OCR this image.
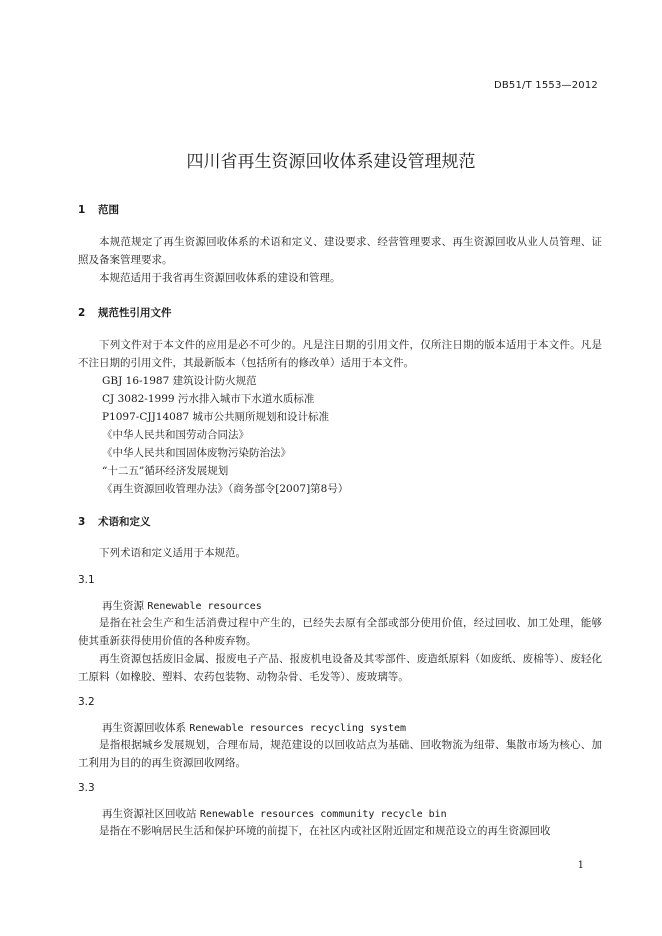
DB51/T 1553—2012
四川省再生资源回收体系建设管理规范
1 范围

本规范规定了再生资源回收体系的术语和定义、建设要求、经营管理要求、再生资源回收从业人员管理、证照及备案管理要求。

本规范适用于我省再生资源回收体系的建设和管理。

2 规范性引用文件

下列文件对于本文件的应用是必不可少的。凡是注日期的引用文件，仅所注日期的版本适用于本文件。凡是不注日期的引用文件，其最新版本（包括所有的修改单）适用于本文件。

GBJ 16-1987 建筑设计防火规范
CJ 3082-1999 污水排入城市下水道水质标准
P1097-CJJ14087 城市公共厕所规划和设计标准
《中华人民共和国劳动合同法》
《中华人民共和国固体废物污染防治法》
“十二五”循环经济发展规划
《再生资源回收管理办法》（商务部令[2007]第8号）
3 术语和定义

下列术语和定义适用于本规范。

3.1
再生资源 Renewable resources

是指在社会生产和生活消费过程中产生的，已经失去原有全部或部分使用价值，经过回收、加工处理，能够使其重新获得使用价值的各种废弃物。

再生资源包括废旧金属、报废电子产品、报废机电设备及其零部件、废造纸原料（如废纸、废棉等）、废轻化工原料（如橡胶、塑料、农药包装物、动物杂骨、毛发等）、废玻璃等。

3.2
再生资源回收体系 Renewable resources recycling system

是指根据城乡发展规划，合理布局，规范建设的以回收站点为基础、回收物流为纽带、集散市场为核心、加工利用为目的的再生资源回收网络。

3.3
再生资源社区回收站 Renewable resources community recycle bin

是指在不影响居民生活和保护环境的前提下，在社区内或社区附近固定和规范设立的再生资源回收

1
